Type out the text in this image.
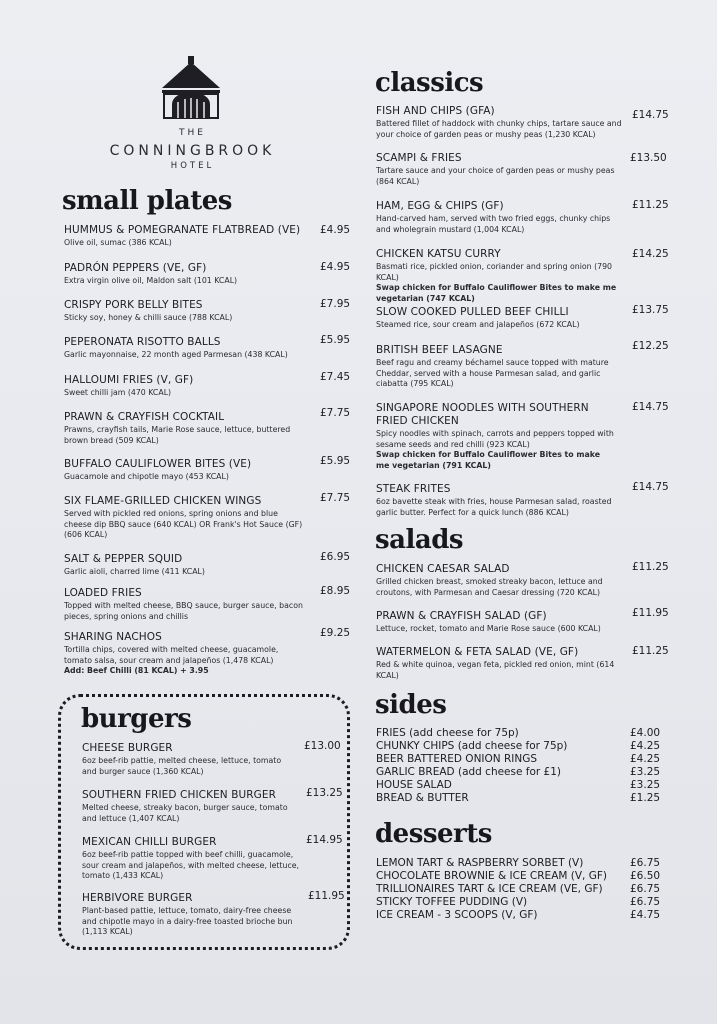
THE
CONNINGBROOK
HOTEL
small plates
HUMMUS & POMEGRANATE FLATBREAD (VE)
Olive oil, sumac (386 KCAL)
£4.95
PADRÓN PEPPERS (VE, GF)
Extra virgin olive oil, Maldon salt (101 KCAL)
£4.95
CRISPY PORK BELLY BITES
Sticky soy, honey & chilli sauce (788 KCAL)
£7.95
PEPERONATA RISOTTO BALLS
Garlic mayonnaise, 22 month aged Parmesan (438 KCAL)
£5.95
HALLOUMI FRIES (V, GF)
Sweet chilli jam (470 KCAL)
£7.45
PRAWN & CRAYFISH COCKTAIL
Prawns, crayfish tails, Marie Rose sauce, lettuce, buttered brown bread (509 KCAL)
£7.75
BUFFALO CAULIFLOWER BITES (VE)
Guacamole and chipotle mayo (453 KCAL)
£5.95
SIX FLAME-GRILLED CHICKEN WINGS
Served with pickled red onions, spring onions and blue cheese dip BBQ sauce (640 KCAL) OR Frank's Hot Sauce (GF) (606 KCAL)
£7.75
SALT & PEPPER SQUID
Garlic aioli, charred lime (411 KCAL)
£6.95
LOADED FRIES
Topped with melted cheese, BBQ sauce, burger sauce, bacon pieces, spring onions and chillis
£8.95
SHARING NACHOS
Tortilla chips, covered with melted cheese, guacamole, tomato salsa, sour cream and jalapeños (1,478 KCAL)
Add: Beef Chilli (81 KCAL) + 3.95
£9.25
burgers
CHEESE BURGER
6oz beef-rib pattie, melted cheese, lettuce, tomato and burger sauce (1,360 KCAL)
£13.00
SOUTHERN FRIED CHICKEN BURGER
Melted cheese, streaky bacon, burger sauce, tomato and lettuce (1,407 KCAL)
£13.25
MEXICAN CHILLI BURGER
6oz beef-rib pattie topped with beef chilli, guacamole, sour cream and jalapeños, with melted cheese, lettuce, tomato (1,433 KCAL)
£14.95
HERBIVORE BURGER
Plant-based pattie, lettuce, tomato, dairy-free cheese and chipotle mayo in a dairy-free toasted brioche bun (1,113 KCAL)
£11.95
classics
FISH AND CHIPS (GFA)
Battered fillet of haddock with chunky chips, tartare sauce and your choice of garden peas or mushy peas (1,230 KCAL)
£14.75
SCAMPI & FRIES
Tartare sauce and your choice of garden peas or mushy peas (864 KCAL)
£13.50
HAM, EGG & CHIPS (GF)
Hand-carved ham, served with two fried eggs, chunky chips and wholegrain mustard (1,004 KCAL)
£11.25
CHICKEN KATSU CURRY
Basmati rice, pickled onion, coriander and spring onion (790 KCAL)
Swap chicken for Buffalo Cauliflower Bites to make me vegetarian (747 KCAL)
£14.25
SLOW COOKED PULLED BEEF CHILLI
Steamed rice, sour cream and jalapeños (672 KCAL)
£13.75
BRITISH BEEF LASAGNE
Beef ragu and creamy béchamel sauce topped with mature Cheddar, served with a house Parmesan salad, and garlic ciabatta (795 KCAL)
£12.25
SINGAPORE NOODLES WITH SOUTHERN FRIED CHICKEN
Spicy noodles with spinach, carrots and peppers topped with sesame seeds and red chilli (923 KCAL)
Swap chicken for Buffalo Cauliflower Bites to make me vegetarian (791 KCAL)
£14.75
STEAK FRITES
6oz bavette steak with fries, house Parmesan salad, roasted garlic butter. Perfect for a quick lunch (886 KCAL)
£14.75
salads
CHICKEN CAESAR SALAD
Grilled chicken breast, smoked streaky bacon, lettuce and croutons, with Parmesan and Caesar dressing (720 KCAL)
£11.25
PRAWN & CRAYFISH SALAD (GF)
Lettuce, rocket, tomato and Marie Rose sauce (600 KCAL)
£11.95
WATERMELON & FETA SALAD (VE, GF)
Red & white quinoa, vegan feta, pickled red onion, mint (614 KCAL)
£11.25
sides
FRIES (add cheese for 75p)	£4.00
CHUNKY CHIPS (add cheese for 75p)	£4.25
BEER BATTERED ONION RINGS	£4.25
GARLIC BREAD (add cheese for £1)	£3.25
HOUSE SALAD	£3.25
BREAD & BUTTER	£1.25
desserts
LEMON TART & RASPBERRY SORBET (V)	£6.75
CHOCOLATE BROWNIE & ICE CREAM (V, GF) £6.50
TRILLIONAIRES TART & ICE CREAM (VE, GF)	£6.75
STICKY TOFFEE PUDDING (V)	£6.75
ICE CREAM - 3 SCOOPS (V, GF)	£4.75
